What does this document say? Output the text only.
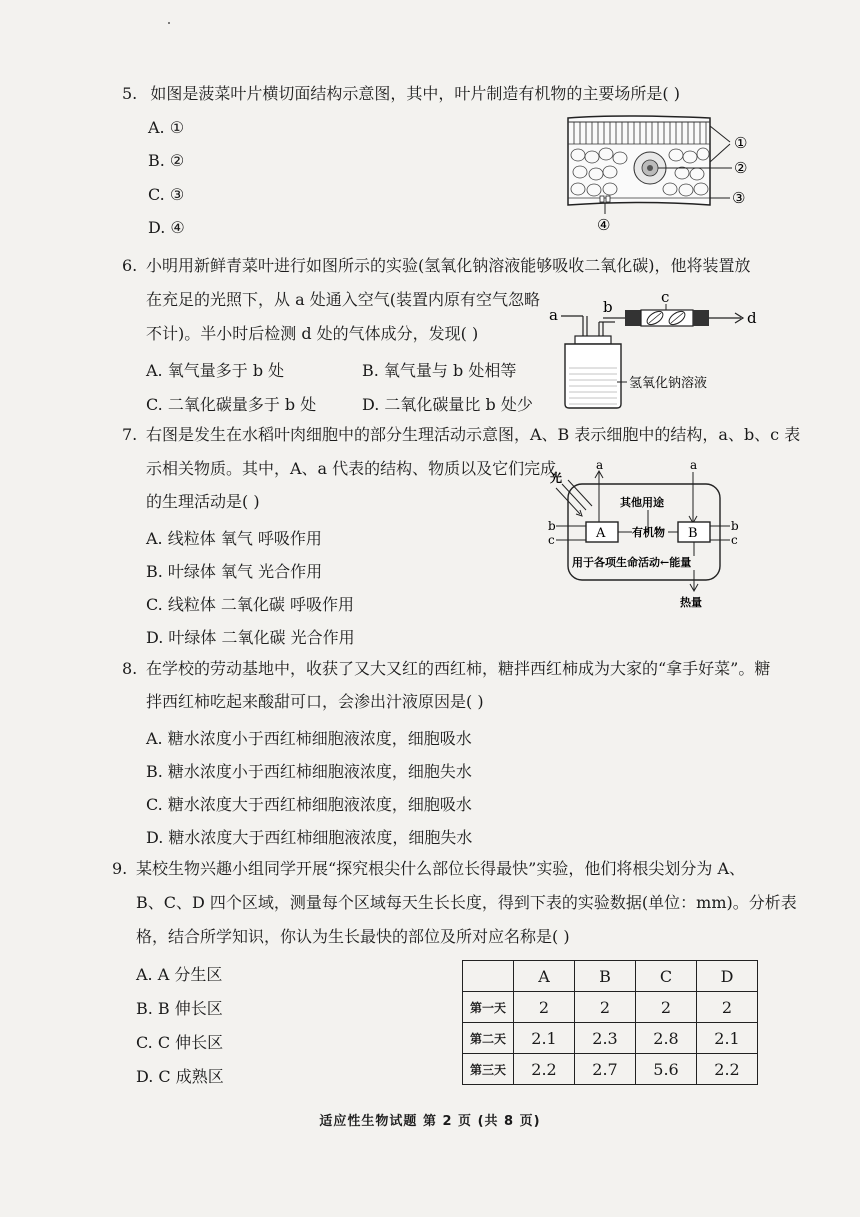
5. 如图是菠菜叶片横切面结构示意图，其中，叶片制造有机物的主要场所是( )
A. ①
B. ②
C. ③
D. ④
①
②
③
④
6. 小明用新鲜青菜叶进行如图所示的实验(氢氧化钠溶液能够吸收二氧化碳)，他将装置放
在充足的光照下，从 a 处通入空气(装置内原有空气忽略
不计)。半小时后检测 d 处的气体成分，发现( )
A. 氧气量多于 b 处	B. 氧气量与 b 处相等
C. 二氧化碳量多于 b 处	D. 二氧化碳量比 b 处少
a	b
c
d
氢氧化钠溶液
7. 右图是发生在水稻叶肉细胞中的部分生理活动示意图，A、B 表示细胞中的结构，a、b、c 表
示相关物质。其中，A、a 代表的结构、物质以及它们完成
的生理活动是( )
A. 线粒体 氧气 呼吸作用
B. 叶绿体 氧气 光合作用
C. 线粒体 二氧化碳 呼吸作用
D. 叶绿体 二氧化碳 光合作用
光
a	a
其他用途
A	B
有机物
b
c
b
c
用于各项生命活动←能量
热量
8. 在学校的劳动基地中，收获了又大又红的西红柿，糖拌西红柿成为大家的“拿手好菜”。糖
拌西红柿吃起来酸甜可口，会渗出汁液原因是( )
A. 糖水浓度小于西红柿细胞液浓度，细胞吸水
B. 糖水浓度小于西红柿细胞液浓度，细胞失水
C. 糖水浓度大于西红柿细胞液浓度，细胞吸水
D. 糖水浓度大于西红柿细胞液浓度，细胞失水
9. 某校生物兴趣小组同学开展“探究根尖什么部位长得最快”实验，他们将根尖划分为 A、
B、C、D 四个区域，测量每个区域每天生长长度，得到下表的实验数据(单位：mm)。分析表
格，结合所学知识，你认为生长最快的部位及所对应名称是( )
A. A 分生区
B. B 伸长区
C. C 伸长区
D. C 成熟区
	A	B	C	D
第一天	2	2	2	2
第二天	2.1	2.3	2.8	2.1
第三天	2.2	2.7	5.6	2.2
适应性生物试题 第 2 页 (共 8 页)
